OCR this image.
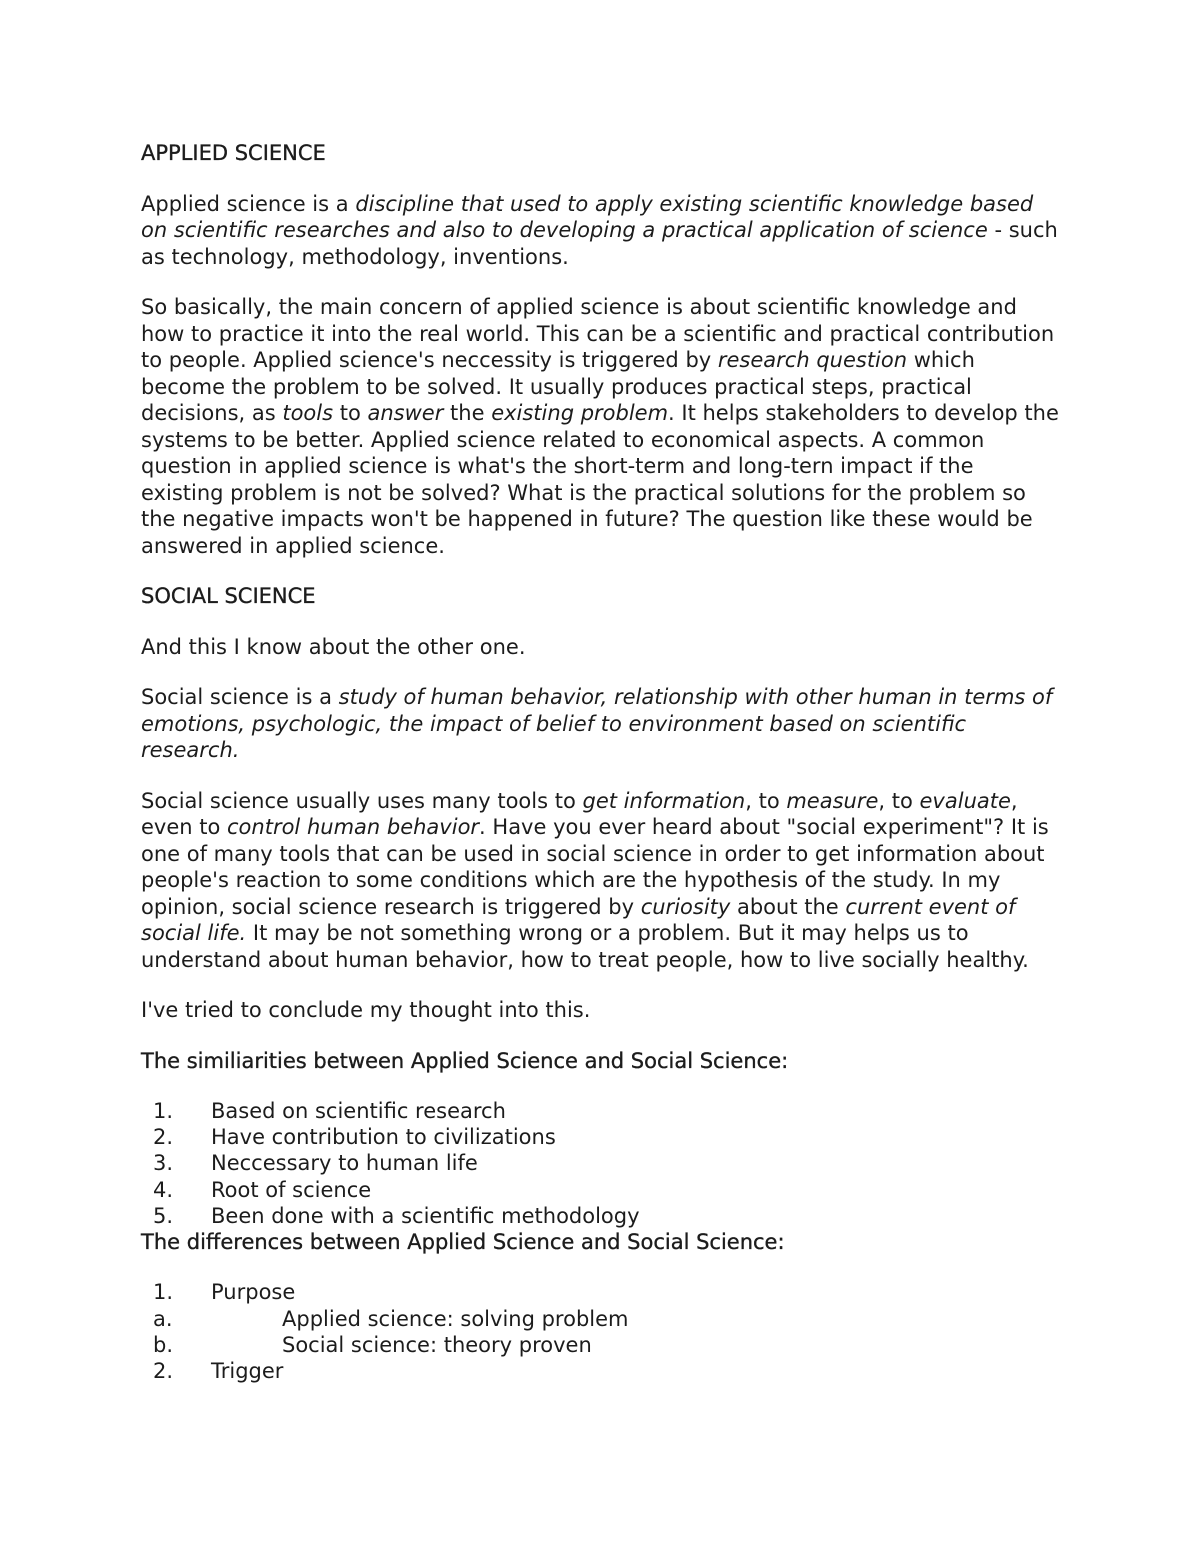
APPLIED SCIENCE

Applied science is a discipline that used to apply existing scientific knowledge based on scientific researches and also to developing a practical application of science - such as technology, methodology, inventions.

So basically, the main concern of applied science is about scientific knowledge and how to practice it into the real world. This can be a scientific and practical contribution to people. Applied science's neccessity is triggered by research question which become the problem to be solved. It usually produces practical steps, practical decisions, as tools to answer the existing problem. It helps stakeholders to develop the systems to be better. Applied science related to economical aspects. A common question in applied science is what's the short-term and long-tern impact if the existing problem is not be solved? What is the practical solutions for the problem so the negative impacts won't be happened in future? The question like these would be answered in applied science.

SOCIAL SCIENCE

And this I know about the other one.

Social science is a study of human behavior, relationship with other human in terms of emotions, psychologic, the impact of belief to environment based on scientific research.

Social science usually uses many tools to get information, to measure, to evaluate, even to control human behavior. Have you ever heard about "social experiment"? It is one of many tools that can be used in social science in order to get information about people's reaction to some conditions which are the hypothesis of the study. In my opinion, social science research is triggered by curiosity about the current event of social life. It may be not something wrong or a problem. But it may helps us to understand about human behavior, how to treat people, how to live socially healthy.

I've tried to conclude my thought into this.

The similiarities between Applied Science and Social Science:
1.	Based on scientific research
2.	Have contribution to civilizations
3.	Neccessary to human life
4.	Root of science
5.	Been done with a scientific methodology
The differences between Applied Science and Social Science:
1.	Purpose
a.	Applied science: solving problem
b.	Social science: theory proven
2.	Trigger
